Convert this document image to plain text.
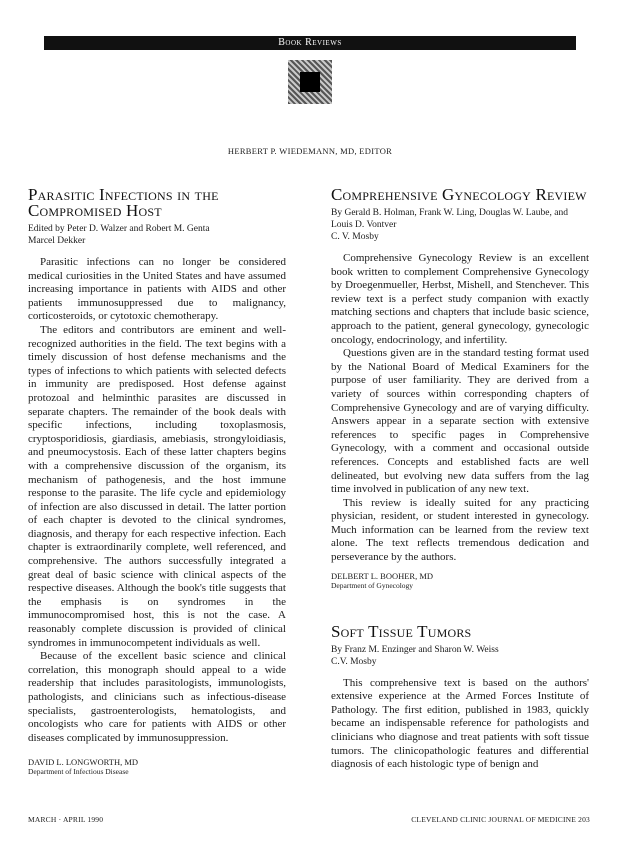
Book Reviews
HERBERT P. WIEDEMANN, MD, EDITOR
Parasitic Infections in the Compromised Host
Edited by Peter D. Walzer and Robert M. Genta
Marcel Dekker

Parasitic infections can no longer be considered medical curiosities in the United States and have assumed increasing importance in patients with AIDS and other patients immunosuppressed due to malignancy, corticosteroids, or cytotoxic chemotherapy.

The editors and contributors are eminent and well-recognized authorities in the field. The text begins with a timely discussion of host defense mechanisms and the types of infections to which patients with selected defects in immunity are predisposed. Host defense against protozoal and helminthic parasites are discussed in separate chapters. The remainder of the book deals with specific infections, including toxoplasmosis, cryptosporidiosis, giardiasis, amebiasis, strongyloidiasis, and pneumocystosis. Each of these latter chapters begins with a comprehensive discussion of the organism, its mechanism of pathogenesis, and the host immune response to the parasite. The life cycle and epidemiology of infection are also discussed in detail. The latter portion of each chapter is devoted to the clinical syndromes, diagnosis, and therapy for each respective infection. Each chapter is extraordinarily complete, well referenced, and comprehensive. The authors successfully integrated a great deal of basic science with clinical aspects of the respective diseases. Although the book's title suggests that the emphasis is on syndromes in the immunocompromised host, this is not the case. A reasonably complete discussion is provided of clinical syndromes in immunocompetent individuals as well.

Because of the excellent basic science and clinical correlation, this monograph should appeal to a wide readership that includes parasitologists, immunologists, pathologists, and clinicians such as infectious-disease specialists, gastroenterologists, hematologists, and oncologists who care for patients with AIDS or other diseases complicated by immunosuppression.

DAVID L. LONGWORTH, MD
Department of Infectious Disease
Comprehensive Gynecology Review
By Gerald B. Holman, Frank W. Ling, Douglas W. Laube, and Louis D. Vontver
C. V. Mosby

Comprehensive Gynecology Review is an excellent book written to complement Comprehensive Gynecology by Droegenmueller, Herbst, Mishell, and Stenchever. This review text is a perfect study companion with exactly matching sections and chapters that include basic science, approach to the patient, general gynecology, gynecologic oncology, endocrinology, and infertility.

Questions given are in the standard testing format used by the National Board of Medical Examiners for the purpose of user familiarity. They are derived from a variety of sources within corresponding chapters of Comprehensive Gynecology and are of varying difficulty. Answers appear in a separate section with extensive references to specific pages in Comprehensive Gynecology, with a comment and occasional outside references. Concepts and established facts are well delineated, but evolving new data suffers from the lag time involved in publication of any new text.

This review is ideally suited for any practicing physician, resident, or student interested in gynecology. Much information can be learned from the review text alone. The text reflects tremendous dedication and perseverance by the authors.

DELBERT L. BOOHER, MD
Department of Gynecology
Soft Tissue Tumors
By Franz M. Enzinger and Sharon W. Weiss
C.V. Mosby

This comprehensive text is based on the authors' extensive experience at the Armed Forces Institute of Pathology. The first edition, published in 1983, quickly became an indispensable reference for pathologists and clinicians who diagnose and treat patients with soft tissue tumors. The clinicopathologic features and differential diagnosis of each histologic type of benign and

MARCH · APRIL 1990	CLEVELAND CLINIC JOURNAL OF MEDICINE 203
